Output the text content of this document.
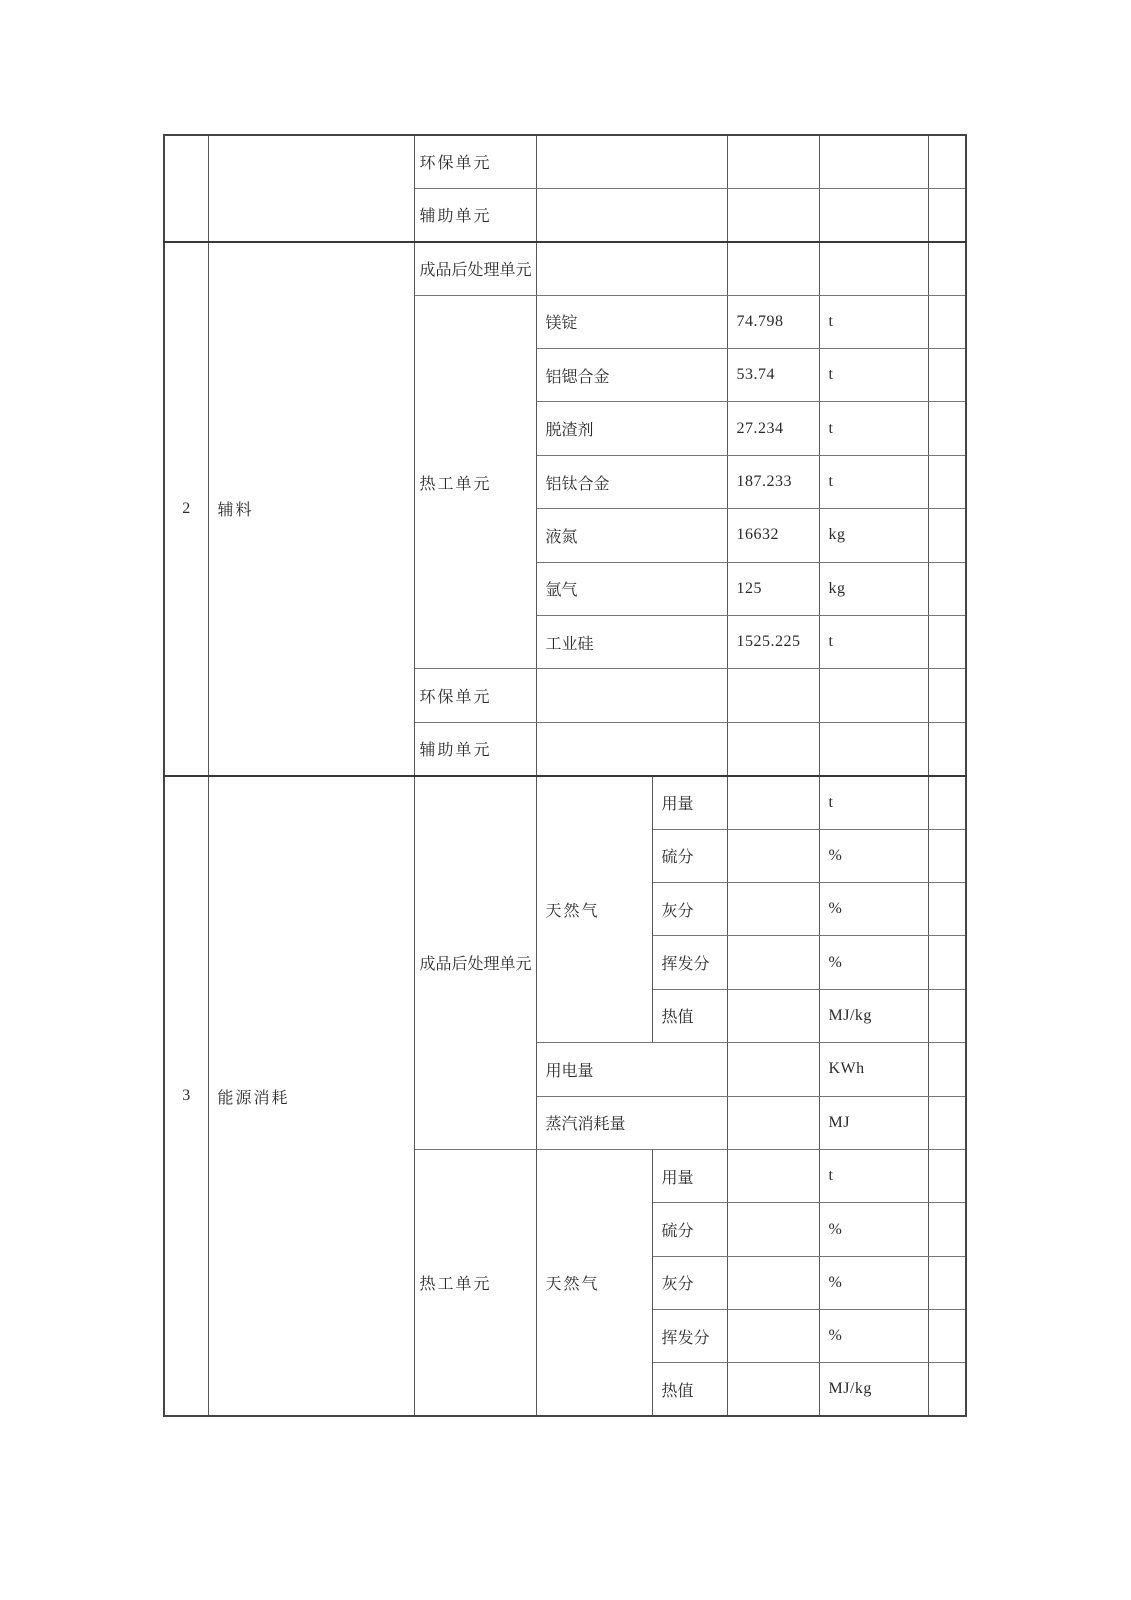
		环保单元					
		辅助单元					
2	辅料	成品后处理单元					
		热工单元	镁锭		74.798	t	
			铝锶合金		53.74	t	
			脱渣剂		27.234	t	
			铝钛合金		187.233	t	
			液氮		16632	kg	
			氩气		125	kg	
			工业硅		1525.225	t	
		环保单元					
		辅助单元					
3	能源消耗	成品后处理单元	天然气	用量		t	
				硫分		%	
				灰分		%	
				挥发分		%	
				热值		MJ/kg	
			用电量			KWh	
			蒸汽消耗量			MJ	
		热工单元	天然气	用量		t	
				硫分		%	
				灰分		%	
				挥发分		%	
				热值		MJ/kg	
